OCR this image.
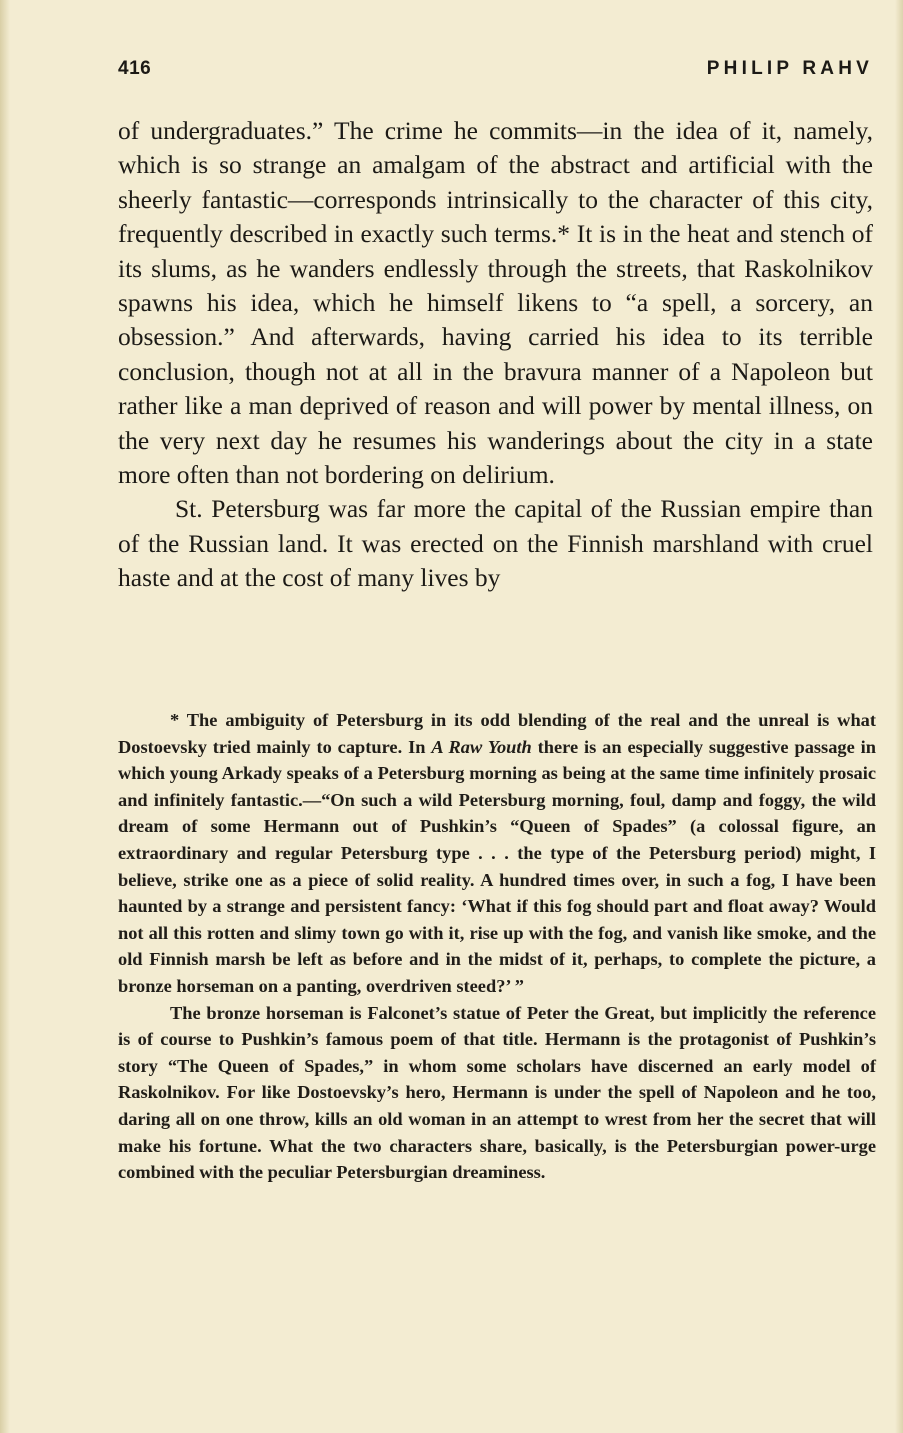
416	PHILIP RAHV

of undergraduates.” The crime he commits—in the idea of it, namely, which is so strange an amalgam of the abstract and artificial with the sheerly fantastic—corresponds intrinsically to the character of this city, frequently described in exactly such terms.* It is in the heat and stench of its slums, as he wanders endlessly through the streets, that Raskolnikov spawns his idea, which he himself likens to “a spell, a sorcery, an obsession.” And afterwards, having carried his idea to its terrible conclusion, though not at all in the bravura manner of a Napoleon but rather like a man deprived of reason and will power by mental illness, on the very next day he resumes his wanderings about the city in a state more often than not bordering on delirium.

St. Petersburg was far more the capital of the Russian empire than of the Russian land. It was erected on the Finnish marshland with cruel haste and at the cost of many lives by

* The ambiguity of Petersburg in its odd blending of the real and the unreal is what Dostoevsky tried mainly to capture. In A Raw Youth there is an especially suggestive passage in which young Arkady speaks of a Petersburg morning as being at the same time infinitely prosaic and infinitely fantastic.—“On such a wild Petersburg morning, foul, damp and foggy, the wild dream of some Hermann out of Pushkin’s “Queen of Spades” (a colossal figure, an extraordinary and regular Petersburg type . . . the type of the Petersburg period) might, I believe, strike one as a piece of solid reality. A hundred times over, in such a fog, I have been haunted by a strange and persistent fancy: ‘What if this fog should part and float away? Would not all this rotten and slimy town go with it, rise up with the fog, and vanish like smoke, and the old Finnish marsh be left as before and in the midst of it, perhaps, to complete the picture, a bronze horseman on a panting, overdriven steed?’ ”

The bronze horseman is Falconet’s statue of Peter the Great, but implicitly the reference is of course to Pushkin’s famous poem of that title. Hermann is the protagonist of Pushkin’s story “The Queen of Spades,” in whom some scholars have discerned an early model of Raskolnikov. For like Dostoevsky’s hero, Hermann is under the spell of Napoleon and he too, daring all on one throw, kills an old woman in an attempt to wrest from her the secret that will make his fortune. What the two characters share, basically, is the Petersburgian power-urge combined with the peculiar Petersburgian dreaminess.
